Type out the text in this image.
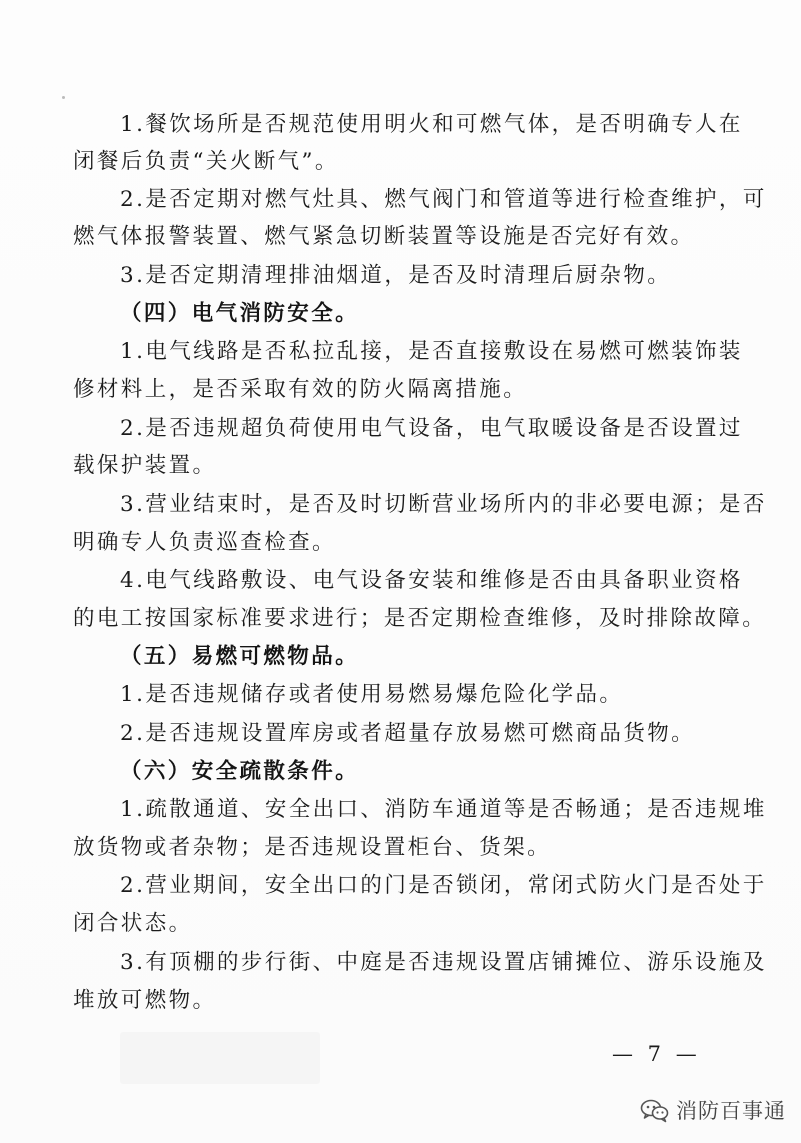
1.餐饮场所是否规范使用明火和可燃气体，是否明确专人在
闭餐后负责“关火断气”。
2.是否定期对燃气灶具、燃气阀门和管道等进行检查维护，可
燃气体报警装置、燃气紧急切断装置等设施是否完好有效。
3.是否定期清理排油烟道，是否及时清理后厨杂物。
（四）电气消防安全。
1.电气线路是否私拉乱接，是否直接敷设在易燃可燃装饰装
修材料上，是否采取有效的防火隔离措施。
2.是否违规超负荷使用电气设备，电气取暖设备是否设置过
载保护装置。
3.营业结束时，是否及时切断营业场所内的非必要电源；是否
明确专人负责巡查检查。
4.电气线路敷设、电气设备安装和维修是否由具备职业资格
的电工按国家标准要求进行；是否定期检查维修，及时排除故障。
（五）易燃可燃物品。
1.是否违规储存或者使用易燃易爆危险化学品。
2.是否违规设置库房或者超量存放易燃可燃商品货物。
（六）安全疏散条件。
1.疏散通道、安全出口、消防车通道等是否畅通；是否违规堆
放货物或者杂物；是否违规设置柜台、货架。
2.营业期间，安全出口的门是否锁闭，常闭式防火门是否处于
闭合状态。
3.有顶棚的步行街、中庭是否违规设置店铺摊位、游乐设施及
堆放可燃物。
— 7 —
消防百事通
